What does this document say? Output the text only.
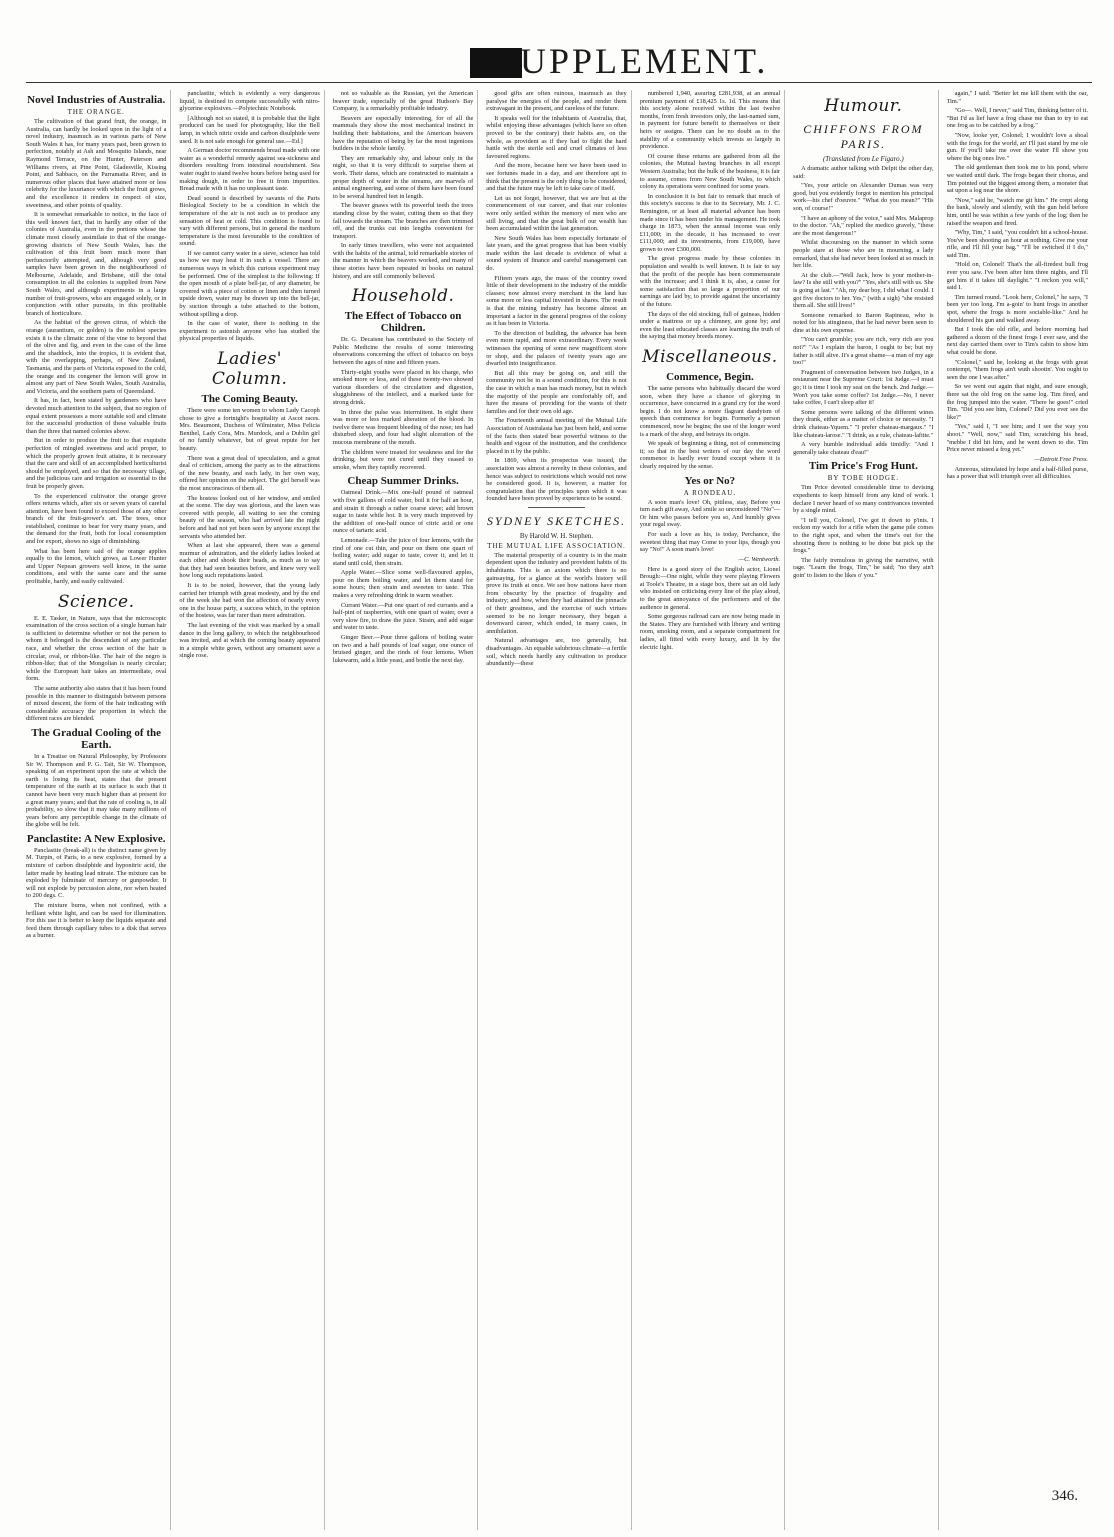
UPPLEMENT.

Novel Industries of Australia.

THE ORANGE.

The cultivation of that grand fruit, the orange, in Australia, can hardly be looked upon in the light of a novel industry, inasmuch as in various parts of New South Wales it has, for many years past, been grown to perfection, notably at Ash and Mosquito Islands, near Raymond Terrace, on the Hunter, Paterson and Williams rivers, at Pine Point, Gladesville, Kissing Point, and Sabbaco, on the Parramatta River, and in numerous other places that have attained more or less celebrity for the luxuriance with which the fruit grows, and the excellence it renders in respect of size, sweetness, and other points of quality.

It is somewhat remarkable to notice, in the face of this well known fact, that in hardly any other of the colonies of Australia, even in the portions whose the climate most closely assimilate to that of the orange-growing districts of New South Wales, has the cultivation of this fruit been much more than perfunctorily attempted, and, although very good samples have been grown in the neighbourhood of Melbourne, Adelaide, and Brisbane, still the total consumption in all the colonies is supplied from New South Wales, and although experiments in a large number of fruit-growers, who are engaged solely, or in conjunction with other pursuits, in this profitable branch of horticulture.

As the habitat of the grown citrus, of which the orange (aurantium, or golden) is the noblest species exists it is the climatic zone of the vine to beyond that of the olive and fig, and even in the case of the lime and the shaddock, into the tropics, it is evident that, with the overlapping, perhaps, of New Zealand, Tasmania, and the parts of Victoria exposed to the cold, the orange and its congener the lemon will grow in almost any part of New South Wales, South Australia, and Victoria, and the southern parts of Queensland.

It has, in fact, been stated by gardeners who have devoted much attention to the subject, that no region of equal extent possesses a more suitable soil and climate for the successful production of these valuable fruits than the three that named colonies above.

But in order to produce the fruit to that exquisite perfection of mingled sweetness and acid proper, to which the properly grown fruit attains, it is necessary that the care and skill of an accomplished horticulturist should be employed, and so that the necessary tillage, and the judicious care and irrigation so essential to the fruit be properly given.

To the experienced cultivator the orange grove offers returns which, after six or seven years of careful attention, have been found to exceed those of any other branch of the fruit-grower's art. The trees, once established, continue to bear for very many years, and the demand for the fruit, both for local consumption and for export, shows no sign of diminishing.

What has been here said of the orange applies equally to the lemon, which grows, as Lower Hunter and Upper Nepean growers well know, in the same conditions, and with the same care and the same profitable, hardy, and easily cultivated.

Science.

E. E. Tasker, in Nature, says that the microscopic examination of the cross section of a single human hair is sufficient to determine whether or not the person to whom it belonged is the descendant of any particular race, and whether the cross section of the hair is circular, oval, or ribbon-like. The hair of the negro is ribbon-like; that of the Mongolian is nearly circular; while the European hair takes an intermediate, oval form.

The same authority also states that it has been found possible in this manner to distinguish between persons of mixed descent, the form of the hair indicating with considerable accuracy the proportion in which the different races are blended.

The Gradual Cooling of the Earth.

In a Treatise on Natural Philosophy, by Professors Sir W. Thompson and P. G. Tait, Sir W. Thompson, speaking of an experiment upon the rate at which the earth is losing its heat, states that the present temperature of the earth at its surface is such that it cannot have been very much higher than at present for a great many years; and that the rate of cooling is, in all probability, so slow that it may take many millions of years before any perceptible change in the climate of the globe will be felt.

Panclastite: A New Explosive.

Panclastite (break-all) is the distinct name given by M. Turpin, of Paris, to a new explosive, formed by a mixture of carbon disulphide and hyponitric acid, the latter made by heating lead nitrate. The mixture can be exploded by fulminate of mercury or gunpowder. It will not explode by percussion alone, nor when heated to 200 degs. C.

The mixture burns, when not confined, with a brilliant white light, and can be used for illumination. For this use it is better to keep the liquids separate and feed them through capillary tubes to a disk that serves as a burner.

panclastite, which is evidently a very dangerous liquid, is destined to compete successfully with nitro-glycerine explosives.—Polytechnic Notebook.

[Although not so stated, it is probable that the light produced can be used for photography, like the Bell lamp, in which nitric oxide and carbon disulphide were used. It is not safe enough for general use.—Ed.]

A German doctor recommends bread made with one water as a wonderful remedy against sea-sickness and disorders resulting from intestinal nourishment. Sea water ought to stand twelve hours before being used for making dough, in order to free it from impurities. Bread made with it has no unpleasant taste.

Dead sound is described by savants of the Paris Biological Society to be a condition in which the temperature of the air is not such as to produce any sensation of heat or cold. This condition is found to vary with different persons, but in general the medium temperature is the most favourable to the condition of sound.

If we cannot carry water in a sieve, science has told us how we may heat it in such a vessel. There are numerous ways in which this curious experiment may be performed. One of the simplest is the following: If the open mouth of a plate bell-jar, of any diameter, be covered with a piece of cotton or linen and then turned upside down, water may be drawn up into the bell-jar, by suction through a tube attached to the bottom, without spilling a drop.

In the case of water, there is nothing in the experiment to astonish anyone who has studied the physical properties of liquids.

Ladies' Column.

The Coming Beauty.

There were some ten women to whom Lady Cacoph chose to give a fortnight's hospitality at Ascot races. Mrs. Beaumont, Duchess of Wilminster, Miss Felicia Benthel, Lady Cora, Mrs. Murdock, and a Dublin girl of no family whatever, but of great repute for her beauty.

There was a great deal of speculation, and a great deal of criticism, among the party as to the attractions of the new beauty, and each lady, in her own way, offered her opinion on the subject. The girl herself was the most unconscious of them all.

The hostess looked out of her window, and smiled at the scene. The day was glorious, and the lawn was covered with people, all waiting to see the coming beauty of the season, who had arrived late the night before and had not yet been seen by anyone except the servants who attended her.

When at last she appeared, there was a general murmur of admiration, and the elderly ladies looked at each other and shook their heads, as much as to say that they had seen beauties before, and knew very well how long such reputations lasted.

It is to be noted, however, that the young lady carried her triumph with great modesty, and by the end of the week she had won the affection of nearly every one in the house party, a success which, in the opinion of the hostess, was far rarer than mere admiration.

The last evening of the visit was marked by a small dance in the long gallery, to which the neighbourhood was invited, and at which the coming beauty appeared in a simple white gown, without any ornament save a single rose.

not so valuable as the Russian, yet the American beaver trade, especially of the great Hudson's Bay Company, is a remarkably profitable industry.

Beavers are especially interesting, for of all the mammals they show the most mechanical instinct in building their habitations, and the American beavers have the reputation of being by far the most ingenious builders in the whole family.

They are remarkably shy, and labour only in the night, so that it is very difficult to surprise them at work. Their dams, which are constructed to maintain a proper depth of water in the streams, are marvels of animal engineering, and some of them have been found to be several hundred feet in length.

The beaver gnaws with its powerful teeth the trees standing close by the water, cutting them so that they fall towards the stream. The branches are then trimmed off, and the trunks cut into lengths convenient for transport.

In early times travellers, who were not acquainted with the habits of the animal, told remarkable stories of the manner in which the beavers worked, and many of these stories have been repeated in books on natural history, and are still commonly believed.

Household.

The Effect of Tobacco on Children.

Dr. G. Decaisne has contributed to the Society of Public Medicine the results of some interesting observations concerning the effect of tobacco on boys between the ages of nine and fifteen years.

Thirty-eight youths were placed in his charge, who smoked more or less, and of these twenty-two showed various disorders of the circulation and digestion, sluggishness of the intellect, and a marked taste for strong drink.

In three the pulse was intermittent. In eight there was more or less marked alteration of the blood. In twelve there was frequent bleeding of the nose; ten had disturbed sleep, and four had slight ulceration of the mucous membrane of the mouth.

The children were treated for weakness and for the drinking, but were not cured until they ceased to smoke, when they rapidly recovered.

Cheap Summer Drinks.

Oatmeal Drink.—Mix one-half pound of oatmeal with five gallons of cold water, boil it for half an hour, and strain it through a rather coarse sieve; add brown sugar to taste while hot. It is very much improved by the addition of one-half ounce of citric acid or one ounce of tartaric acid.

Lemonade.—Take the juice of four lemons, with the rind of one cut thin, and pour on them one quart of boiling water; add sugar to taste, cover it, and let it stand until cold, then strain.

Apple Water.—Slice some well-flavoured apples, pour on them boiling water, and let them stand for some hours; then strain and sweeten to taste. This makes a very refreshing drink in warm weather.

Currant Water.—Put one quart of red currants and a half-pint of raspberries, with one quart of water, over a very slow fire, to draw the juice. Strain, and add sugar and water to taste.

Ginger Beer.—Pour three gallons of boiling water on two and a half pounds of loaf sugar, one ounce of bruised ginger, and the rinds of four lemons. When lukewarm, add a little yeast, and bottle the next day.

good gifts are often ruinous, inasmuch as they paralyse the energies of the people, and render them extravagant in the present, and careless of the future.

It speaks well for the inhabitants of Australia, that, whilst enjoying these advantages (which have so often proved to be the contrary) their habits are, on the whole, as provident as if they had to fight the hard battle with the sterile soil and cruel climates of less favoured regions.

And the more, because here we have been used to see fortunes made in a day, and are therefore apt to think that the present is the only thing to be considered, and that the future may be left to take care of itself.

Let us not forget, however, that we are but at the commencement of our career, and that our colonies were only settled within the memory of men who are still living, and that the great bulk of our wealth has been accumulated within the last generation.

New South Wales has been especially fortunate of late years, and the great progress that has been visibly made within the last decade is evidence of what a sound system of finance and careful management can do.

Fifteen years ago, the mass of the country owed little of their development to the industry of the middle classes; now almost every merchant in the land has some more or less capital invested in shares. The result is that the mining industry has become almost an important a factor in the general progress of the colony as it has been in Victoria.

To the direction of building, the advance has been even more rapid, and more extraordinary. Every week witnesses the opening of some new magnificent store or shop, and the palaces of twenty years ago are dwarfed into insignificance.

But all this may be going on, and still the community not be in a sound condition, for this is not the case in which a man has much money, but in which the majority of the people are comfortably off, and have the means of providing for the wants of their families and for their own old age.

The Fourteenth annual meeting of the Mutual Life Association of Australasia has just been held, and some of the facts then stated bear powerful witness to the health and vigour of the institution, and the confidence placed in it by the public.

In 1869, when its prospectus was issued, the association was almost a novelty in these colonies, and hence was subject to restrictions which would not now be considered good. It is, however, a matter for congratulation that the principles upon which it was founded have been proved by experience to be sound.

SYDNEY SKETCHES.

By Harold W. H. Stephen.

THE MUTUAL LIFE ASSOCIATION.

The material prosperity of a country is in the main dependent upon the industry and provident habits of its inhabitants. This is an axiom which there is no gainsaying, for a glance at the world's history will prove its truth at once. We see how nations have risen from obscurity by the practice of frugality and industry; and how, when they had attained the pinnacle of their greatness, and the exercise of such virtues seemed to be no longer necessary, they began a downward career, which ended, in many cases, in annihilation.

Natural advantages are, too generally, but disadvantages. An equable salubrious climate—a fertile soil, which needs hardly any cultivation to produce abundantly—these

numbered 1,940, assuring £281,938, at an annual premium payment of £18,425 1s. 1d. This means that this society alone received within the last twelve months, from fresh investors only, the last-named sum, in payment for future benefit to themselves or their heirs or assigns. There can be no doubt as to the stability of a community which invests so largely in providence.

Of course these returns are gathered from all the colonies, the Mutual having branches in all except Western Australia; but the bulk of the business, it is fair to assume, comes from New South Wales, to which colony its operations were confined for some years.

In conclusion it is but fair to remark that much of this society's success is due to its Secretary, Mr. J. C. Remington, or at least all material advance has been made since it has been under his management. He took charge in 1873, when the annual income was only £11,000; in the decade, it has increased to over £111,000; and its investments, from £19,000, have grown to over £300,000.

The great progress made by these colonies in population and wealth is well known. It is fair to say that the profit of the people has been commensurate with the increase; and I think it is, also, a cause for some satisfaction that so large a proportion of our earnings are laid by, to provide against the uncertainty of the future.

The days of the old stocking, full of guineas, hidden under a mattress or up a chimney, are gone by; and even the least educated classes are learning the truth of the saying that money breeds money.

Miscellaneous.

Commence, Begin.

The same persons who habitually discard the word soon, when they have a chance of glorying in occurrence, have concurred in a grand cry for the word begin. I do not know a more flagrant dandyism of speech than commence for begin. Formerly a person commenced, now he begins; the use of the longer word is a mark of the shop, and betrays its origin.

We speak of beginning a thing, not of commencing it; so that in the best writers of our day the word commence is hardly ever found except where it is clearly required by the sense.

Yes or No?

A RONDEAU.

A soon man's love! Oh, pitiless, stay, Before you turn each gift away, And smile so unconsidered "No"— Or him who passes before you so, And humbly gives your regal sway.

For such a love as his, is today, Perchance, the sweetest thing that may Come to your lips, though you say "No!" A soon man's love!

—C. Wentworth.

Here is a good story of the English actor, Lionel Brough:—One night, while they were playing Flowers at Toole's Theatre, in a stage box, there sat an old lady who insisted on criticising every line of the play aloud, to the great annoyance of the performers and of the audience in general.

Some gorgeous railroad cars are now being made in the States. They are furnished with library and writing room, smoking room, and a separate compartment for ladies, all fitted with every luxury, and lit by the electric light.

Humour.

CHIFFONS FROM PARIS.

(Translated from Le Figaro.)

A dramatic author talking with Delpit the other day, said:

"Yes, your article on Alexander Dumas was very good, but you evidently forgot to mention his principal work—his chef d'oeuvre." "What do you mean?" "His son, of course!"

"I have an aphony of the voice," said Mrs. Malaprop to the doctor. "Ah," replied the medico gravely, "these are the most dangerous!"

Whilst discoursing on the manner in which some people stare at those who are in mourning, a lady remarked, that she had never been looked at so much in her life.

At the club.—"Well Jack, how is your mother-in-law? Is she still with you?" "Yes, she's still with us. She is going at last." "Ah, my dear boy, I did what I could. I got five doctors to her. Yes," (with a sigh) "she resisted them all. She still lives!"

Someone remarked to Baron Rapineau, who is noted for his stinginess, that he had never been seen to dine at his own expense.

"You can't grumble; you are rich, very rich are you not?" "As I explain the baron, I ought to be; but my father is still alive. It's a great shame—a man of my age too!"

Fragment of conversation between two Judges, in a restaurant near the Supreme Court: 1st Judge.—I must go; it is time I took my seat on the bench. 2nd Judge.—Won't you take some coffee? 1st Judge.—No, I never take coffee, I can't sleep after it!

Some persons were talking of the different wines they drank, either as a matter of choice or necessity. "I drink chateau-Yquem." "I prefer chateau-margaux." "I like chateau-larose." "I drink, as a rule, chateau-lafitte."

A very humble individual adds timidly: "And I generally take chateau d'eau!"

Tim Price's Frog Hunt.

BY TOBE HODGE.

Tim Price devoted considerable time to devising expedients to keep himself from any kind of work. I declare I never heard of so many contrivances invented by a single mind.

"I tell you, Colonel, I've got it down to p'ints. I reckon my watch for a rifle when the game pile comes to the right spot, and when the time's out for the shooting there is nothing to be done but pick up the frogs."

The fairly tremulous in giving the narrative, with rage. "Learn the frogs, Tim," he said; "no they ain't goin' to listen to the likes o' you."

again," I said. "Better let me kill them with the oar, Tim."

"Go—. Well, I never," said Tim, thinking better of it. "But I'd as lief have a frog chase me than to try to eat one frog as to be catched by a frog."

"Now, looke yer, Colonel; I wouldn't love a shoal with the frogs for the world, an' I'll just stand by me ole gun. If you'll take me over the water I'll show you where the big ones live."

The old gentleman then took me to his pond, where we waited until dark. The frogs began their chorus, and Tim pointed out the biggest among them, a monster that sat upon a log near the shore.

"Now," said he, "watch me git him." He crept along the bank, slowly and silently, with the gun held before him, until he was within a few yards of the log; then he raised the weapon and fired.

"Why, Tim," I said, "you couldn't hit a school-house. You've been shooting an hour at nothing. Give me your rifle, and I'll fill your bag." "I'll be switched if I do," said Tim.

"Hold on, Colonel! That's the all-firedest bull frog ever you saw. I've been after him three nights, and I'll get him if it takes till daylight." "I reckon you will," said I.

Tim turned round. "Look here, Colonel," he says, "I been yer too long. I'm a-goin' to hunt frogs in another spot, where the frogs is more sociable-like." And he shouldered his gun and walked away.

But I took the old rifle, and before morning had gathered a dozen of the finest frogs I ever saw, and the next day carried them over to Tim's cabin to show him what could be done.

"Colonel," said he, looking at the frogs with great contempt, "them frogs ain't wuth shootin'. You ought to seen the one I was after."

So we went out again that night, and sure enough, there sat the old frog on the same log. Tim fired, and the frog jumped into the water. "There he goes!" cried Tim. "Did you see him, Colonel? Did you ever see the like?"

"Yes," said I, "I see him; and I see the way you shoot." "Well, now," said Tim, scratching his head, "mebbe I did hit him, and he went down to die. Tim Price never missed a frog yet."

—Detroit Free Press.

Amorous, stimulated by hope and a half-filled purse, has a power that will triumph over all difficulties.

346.
